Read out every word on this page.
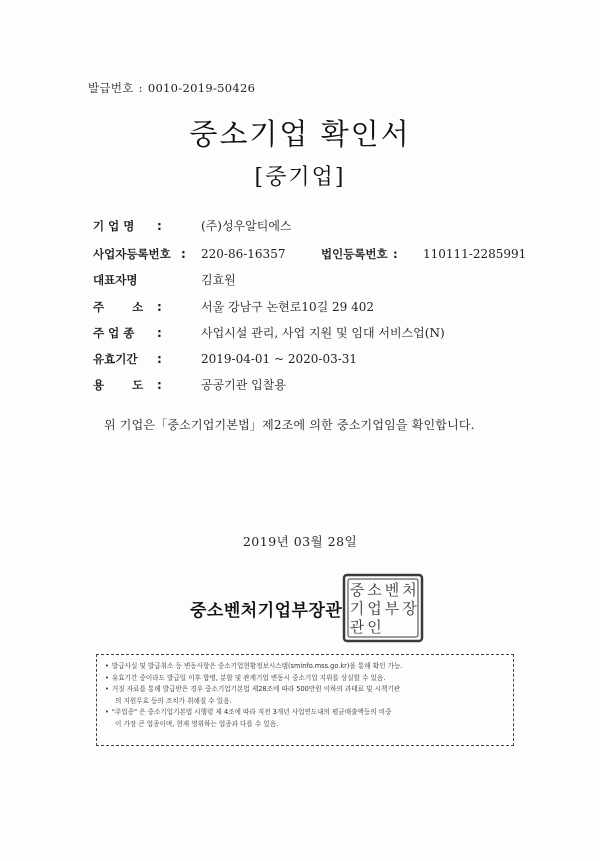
발급번호 : 0010-2019-50426
중소기업 확인서
[중기업]
기 업 명	:	(주)성우알티에스
사업자등록번호 : 220-86-16357	법인등록번호 : 110111-2285991
대표자명	김효원
주 소 :	서울 강남구 논현로10길 29 402
주 업 종	:	사업시설 관리, 사업 지원 및 임대 서비스업(N)
유효기간	:	2019-04-01 ~ 2020-03-31
용 도 :	공공기관 입찰용
위 기업은「중소기업기본법」제2조에 의한 중소기업임을 확인합니다.
2019년 03월 28일
중소벤처기업부장관
중 소 벤 처
기 업 부 장
관 인
• 발급사실 및 발급취소 등 변동사항은 중소기업현황정보시스템(sminfo.mss.go.kr)을 통해 확인 가능.
• 유효기간 중이라도 발급일 이후 합병, 분할 및 관계기업 변동시 중소기업 지위를 상실할 수 있음.
• 거짓 자료를 통해 발급받은 경우 중소기업기본법 제28조에 따라 500만원 이하의 과태료 및 시책기관
의 지원무효 등의 조치가 취해질 수 있음.
• "주업종" 은 중소기업기본법 시행령 제 4조에 따라 직전 3개년 사업연도내의 평균매출액등의 비중
이 가장 큰 업종이며, 현재 영위하는 업종과 다를 수 있음.
